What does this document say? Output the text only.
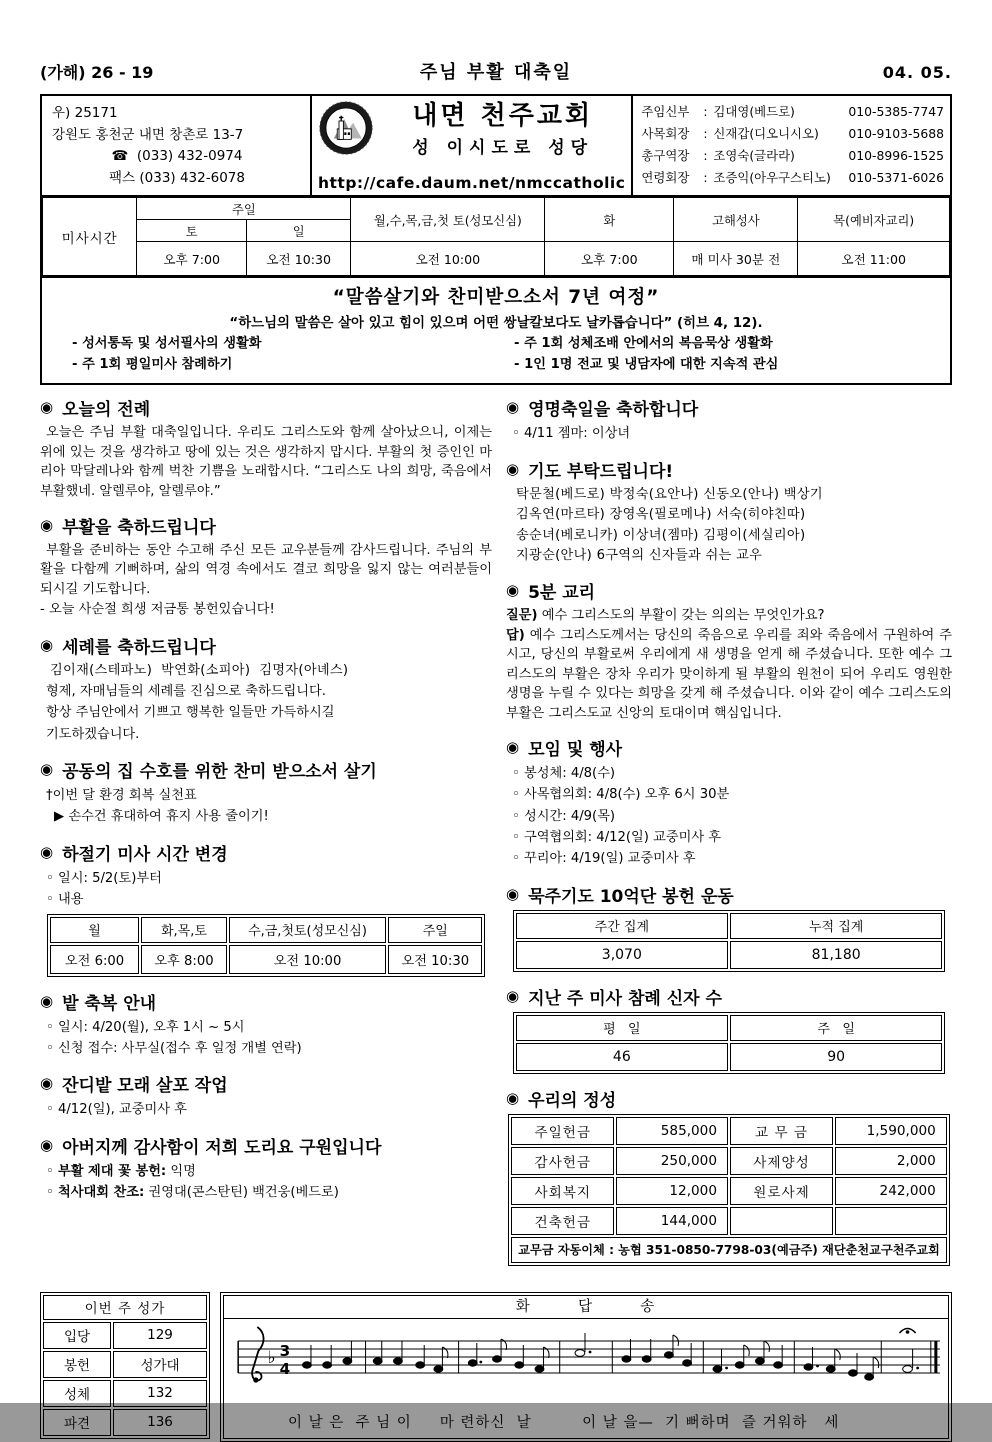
(가해) 26 - 19	주님 부활 대축일	04. 05.
우) 25171
강원도 홍천군 내면 창촌로 13-7
☎ (033) 432-0974
팩스 (033) 432-6078
내면 천주교회
성 이시도로 성당
http://cafe.daum.net/nmccatholic
주임신부	: 김대영(베드로)	010-5385-7747
사목회장	: 신재갑(디오니시오)	010-9103-5688
총구역장	: 조영숙(글라라)	010-8996-1525
연령회장	: 조증익(아우구스티노)	010-5371-6026
미사시간	주일		월,수,목,금,첫 토(성모신심)	화	고해성사	목(예비자교리)
	토	일				
	오후 7:00	오전 10:30	오전 10:00	오후 7:00	매 미사 30분 전	오전 11:00
“말씀살기와 찬미받으소서 7년 여정”
“하느님의 말씀은 살아 있고 힘이 있으며 어떤 쌍날칼보다도 날카롭습니다” (히브 4, 12).
- 성서통독 및 성서필사의 생활화
- 주 1회 평일미사 참례하기
- 주 1회 성체조배 안에서의 복음묵상 생활화
- 1인 1명 전교 및 냉담자에 대한 지속적 관심
◉ 오늘의 전례

오늘은 주님 부활 대축일입니다. 우리도 그리스도와 함께 살아났으니, 이제는 위에 있는 것을 생각하고 땅에 있는 것은 생각하지 맙시다. 부활의 첫 증인인 마리아 막달레나와 함께 벅찬 기쁨을 노래합시다. “그리스도 나의 희망, 죽음에서 부활했네. 알렐루야, 알렐루야.”

◉ 부활을 축하드립니다

부활을 준비하는 동안 수고해 주신 모든 교우분들께 감사드립니다. 주님의 부활을 다함께 기뻐하며, 삶의 역경 속에서도 결코 희망을 잃지 않는 여러분들이 되시길 기도합니다.

- 오늘 사순절 희생 저금통 봉헌있습니다!
◉ 세례를 축하드립니다
김이재(스테파노)  박연화(소피아)  김명자(아녜스)
형제, 자매님들의 세례를 진심으로 축하드립니다.
항상 주님안에서 기쁘고 행복한 일들만 가득하시길
기도하겠습니다.
◉ 공동의 집 수호를 위한 찬미 받으소서 살기
†이번 달 환경 회복 실천표
▶ 손수건 휴대하여 휴지 사용 줄이기!
◉ 하절기 미사 시간 변경
◦ 일시: 5/2(토)부터
◦ 내용
월	화,목,토	수,금,첫토(성모신심)	주일
오전 6:00	오후 8:00	오전 10:00	오전 10:30
◉ 밭 축복 안내
◦ 일시: 4/20(월), 오후 1시 ~ 5시
◦ 신청 접수: 사무실(접수 후 일정 개별 연락)
◉ 잔디밭 모래 살포 작업
◦ 4/12(일), 교중미사 후
◉ 아버지께 감사함이 저희 도리요 구원입니다
◦ 부활 제대 꽃 봉헌: 익명
◦ 척사대회 찬조: 권영대(콘스탄틴) 백건웅(베드로)
◉ 영명축일을 축하합니다
◦ 4/11 젬마: 이상녀
◉ 기도 부탁드립니다!
탁문철(베드로) 박정숙(요안나) 신동오(안나) 백상기
김옥연(마르타) 장영옥(필로메나) 서숙(히야친따)
송순녀(베로니카) 이상녀(젬마) 김평이(세실리아)
지광순(안나) 6구역의 신자들과 쉬는 교우
◉ 5분 교리

질문) 예수 그리스도의 부활이 갖는 의의는 무엇인가요?

답) 예수 그리스도께서는 당신의 죽음으로 우리를 죄와 죽음에서 구원하여 주시고, 당신의 부활로써 우리에게 새 생명을 얻게 해 주셨습니다. 또한 예수 그리스도의 부활은 장차 우리가 맞이하게 될 부활의 원천이 되어 우리도 영원한 생명을 누릴 수 있다는 희망을 갖게 해 주셨습니다. 이와 같이 예수 그리스도의 부활은 그리스도교 신앙의 토대이며 핵심입니다.

◉ 모임 및 행사
◦ 봉성체: 4/8(수)
◦ 사목협의회: 4/8(수) 오후 6시 30분
◦ 성시간: 4/9(목)
◦ 구역협의회: 4/12(일) 교중미사 후
◦ 꾸리아: 4/19(일) 교중미사 후
◉ 묵주기도 10억단 봉헌 운동
주간 집계	누적 집계
3,070	81,180
◉ 지난 주 미사 참례 신자 수
평   일	주   일
46	90
◉ 우리의 정성
주일헌금	585,000	교 무 금	1,590,000
감사헌금	250,000	사제양성	2,000
사회복지	12,000	원로사제	242,000
건축헌금	144,000		
교무금 자동이체 : 농협 351-0850-7798-03(예금주) 재단춘천교구천주교회			
이번 주 성가	
입당	129
봉헌	성가대
성체	132
파견	136
화       답       송
♭ 3
4
이 날 은  주 님 이     마 련하신  날         이 날 을—  기 뻐하며  즐 거워하   세
